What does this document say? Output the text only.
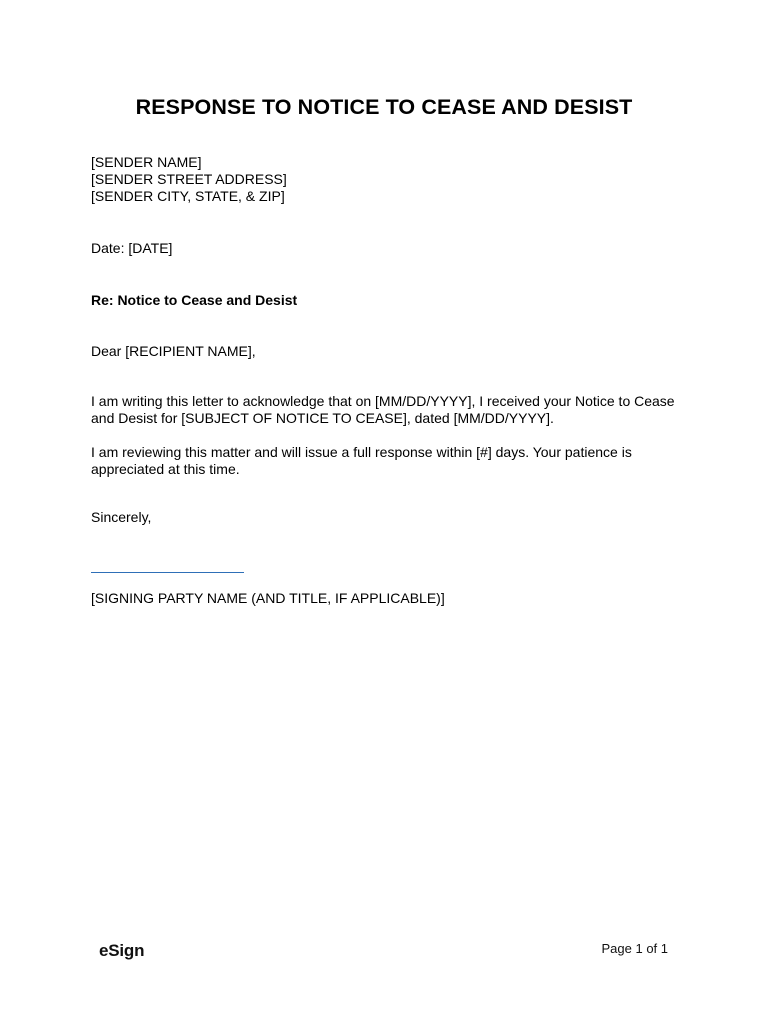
RESPONSE TO NOTICE TO CEASE AND DESIST
[SENDER NAME]
[SENDER STREET ADDRESS]
[SENDER CITY, STATE, & ZIP]
Date: [DATE]
Re: Notice to Cease and Desist
Dear [RECIPIENT NAME],
I am writing this letter to acknowledge that on [MM/DD/YYYY], I received your Notice to Cease and Desist for [SUBJECT OF NOTICE TO CEASE], dated [MM/DD/YYYY].
I am reviewing this matter and will issue a full response within [#] days. Your patience is appreciated at this time.
Sincerely,
[SIGNING PARTY NAME (AND TITLE, IF APPLICABLE)]
eSign	Page 1 of 1
